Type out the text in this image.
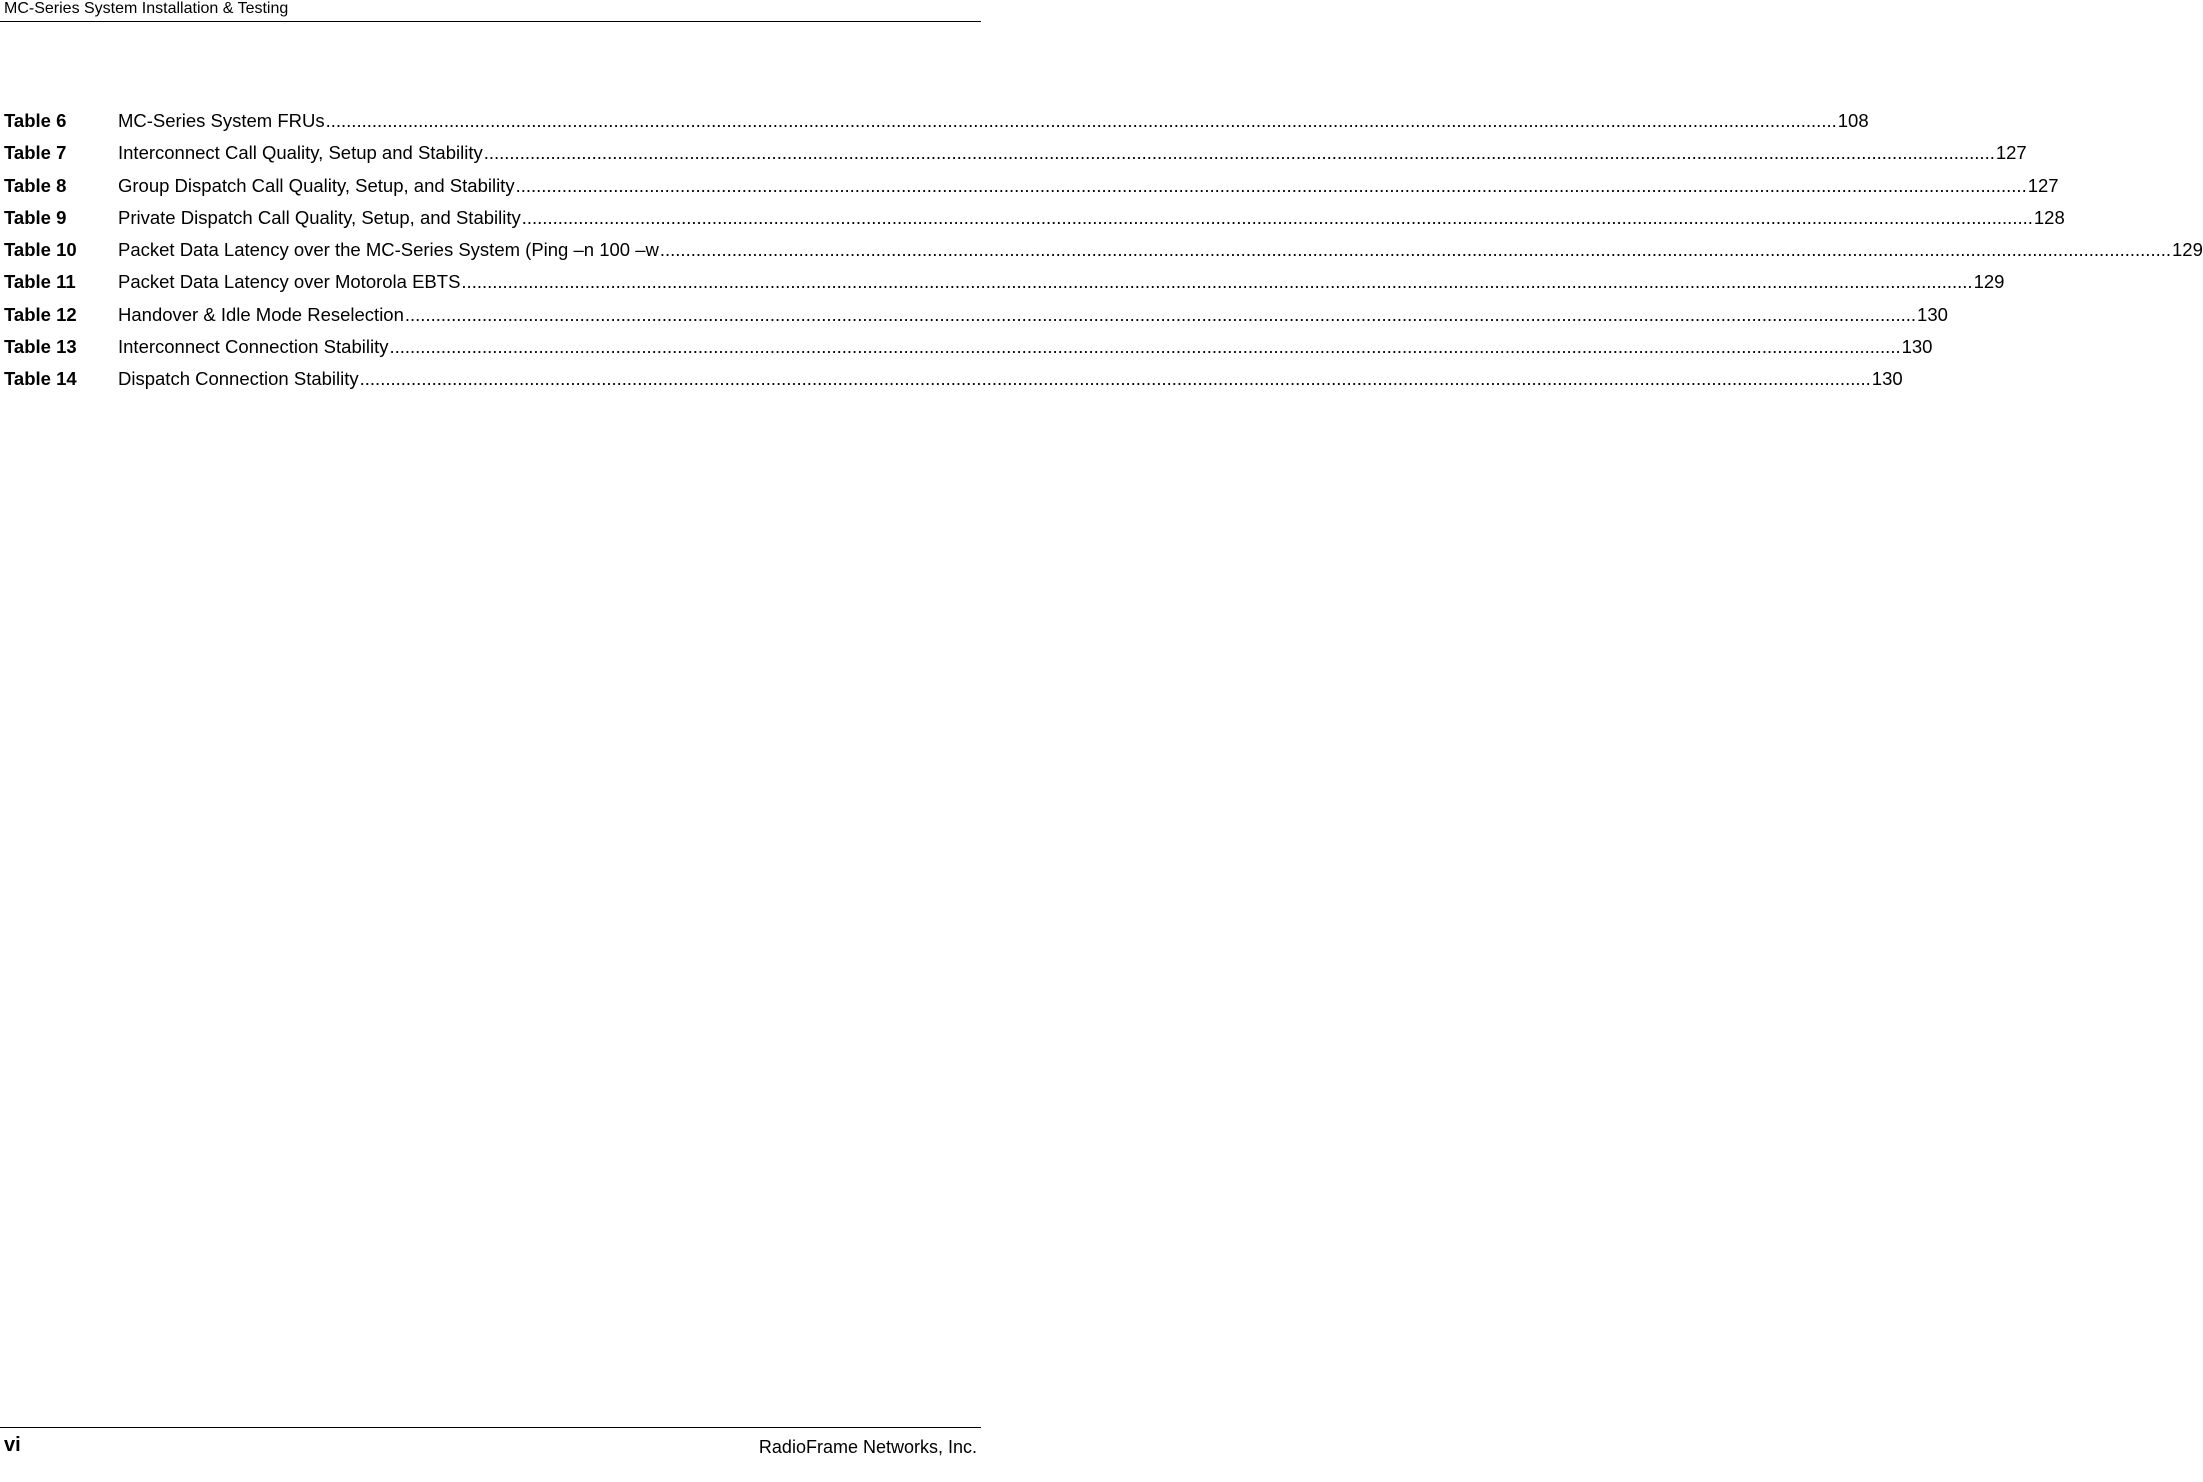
MC-Series System Installation & Testing
Table 6	MC-Series System FRUs .....	108
Table 7	Interconnect Call Quality, Setup and Stability .....	127
Table 8	Group Dispatch Call Quality, Setup, and Stability .....	127
Table 9	Private Dispatch Call Quality, Setup, and Stability .....	128
Table 10	Packet Data Latency over the MC-Series System (Ping –n 100 –w .....	129
Table 11	Packet Data Latency over Motorola EBTS .....	129
Table 12	Handover & Idle Mode Reselection .....	130
Table 13	Interconnect Connection Stability .....	130
Table 14	Dispatch Connection Stability .....	130
vi	RadioFrame Networks, Inc.
